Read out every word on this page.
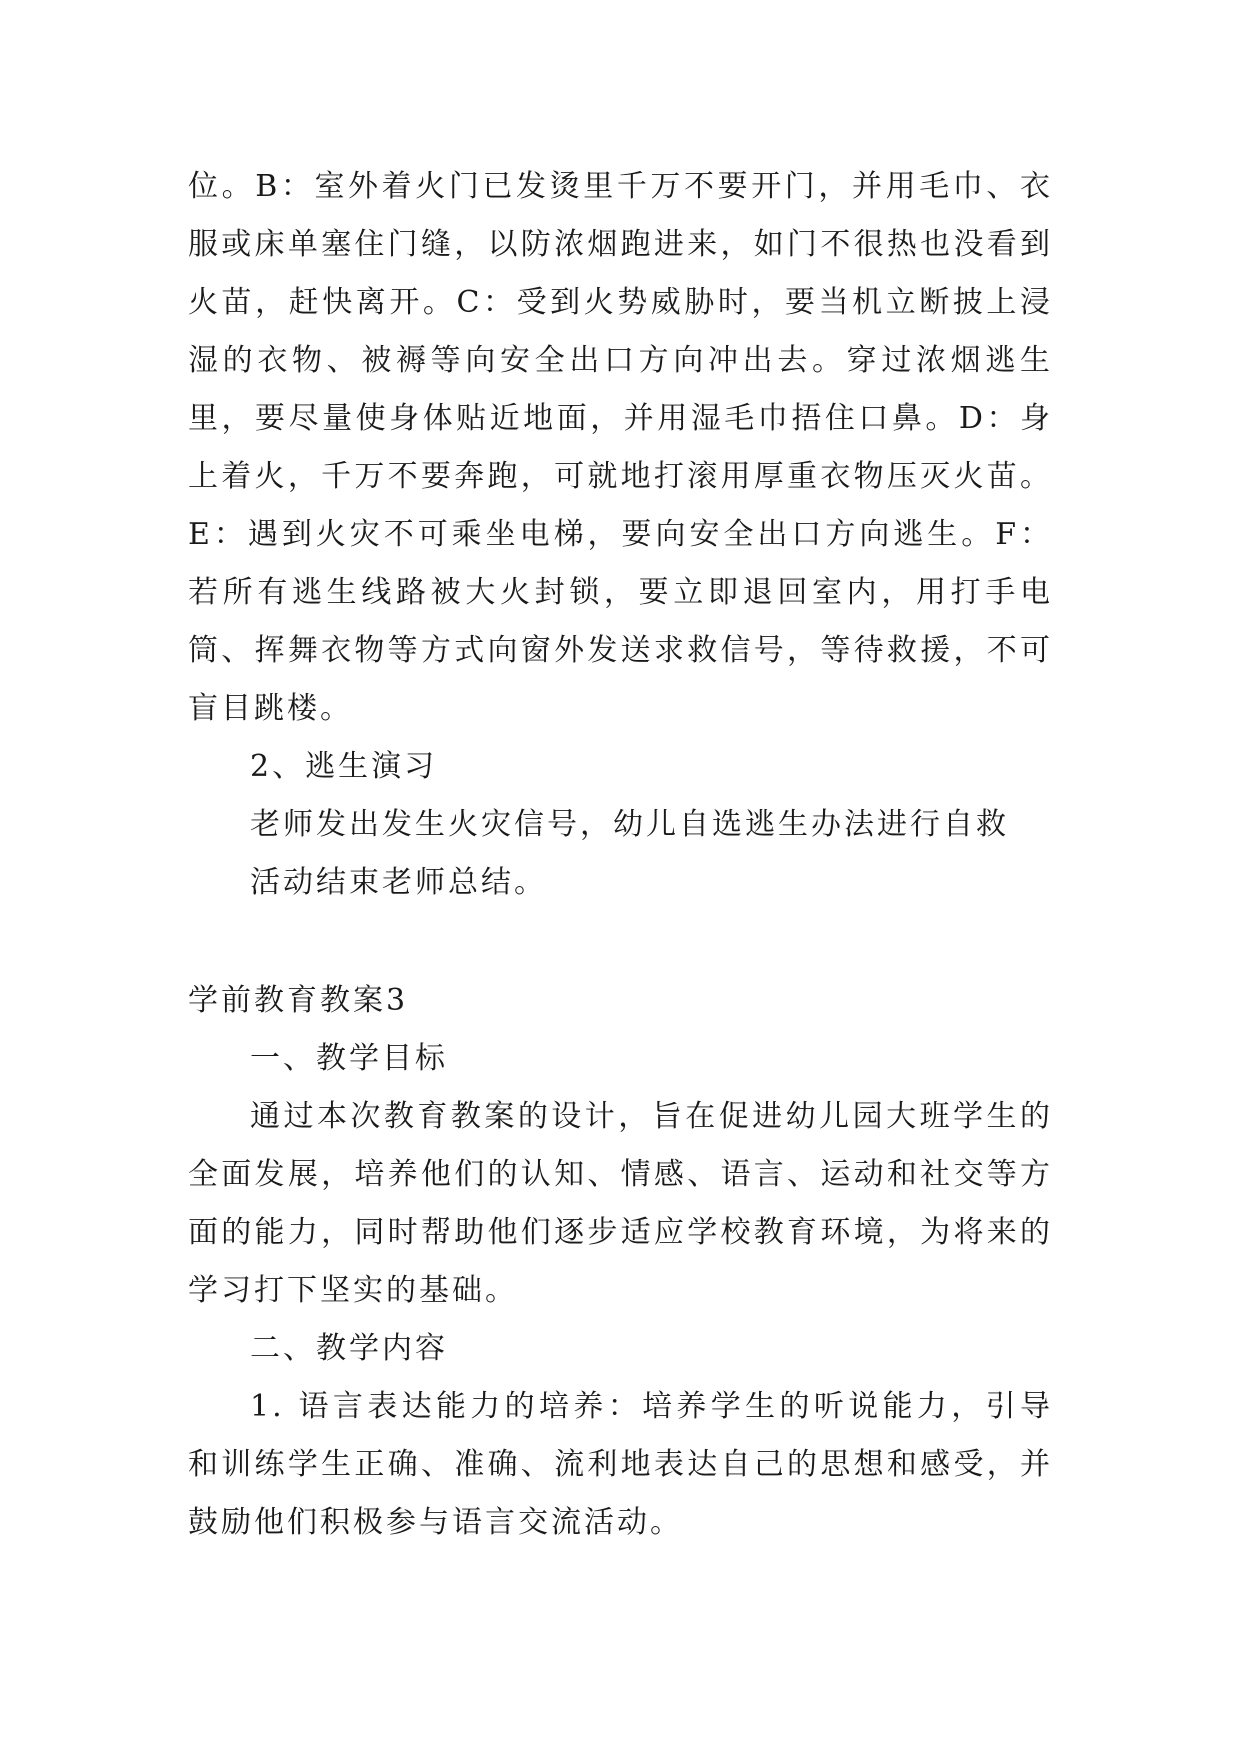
位。B：室外着火门已发烫里千万不要开门，并用毛巾、衣服或床单塞住门缝，以防浓烟跑进来，如门不很热也没看到火苗，赶快离开。C：受到火势威胁时，要当机立断披上浸湿的衣物、被褥等向安全出口方向冲出去。穿过浓烟逃生里，要尽量使身体贴近地面，并用湿毛巾捂住口鼻。D：身上着火，千万不要奔跑，可就地打滚用厚重衣物压灭火苗。E：遇到火灾不可乘坐电梯，要向安全出口方向逃生。F：若所有逃生线路被大火封锁，要立即退回室内，用打手电筒、挥舞衣物等方式向窗外发送求救信号，等待救援，不可盲目跳楼。

2、逃生演习

老师发出发生火灾信号，幼儿自选逃生办法进行自救

活动结束老师总结。

学前教育教案3

一、教学目标

通过本次教育教案的设计，旨在促进幼儿园大班学生的全面发展，培养他们的认知、情感、语言、运动和社交等方面的能力，同时帮助他们逐步适应学校教育环境，为将来的学习打下坚实的基础。

二、教学内容

1. 语言表达能力的培养：培养学生的听说能力，引导和训练学生正确、准确、流利地表达自己的思想和感受，并鼓励他们积极参与语言交流活动。
